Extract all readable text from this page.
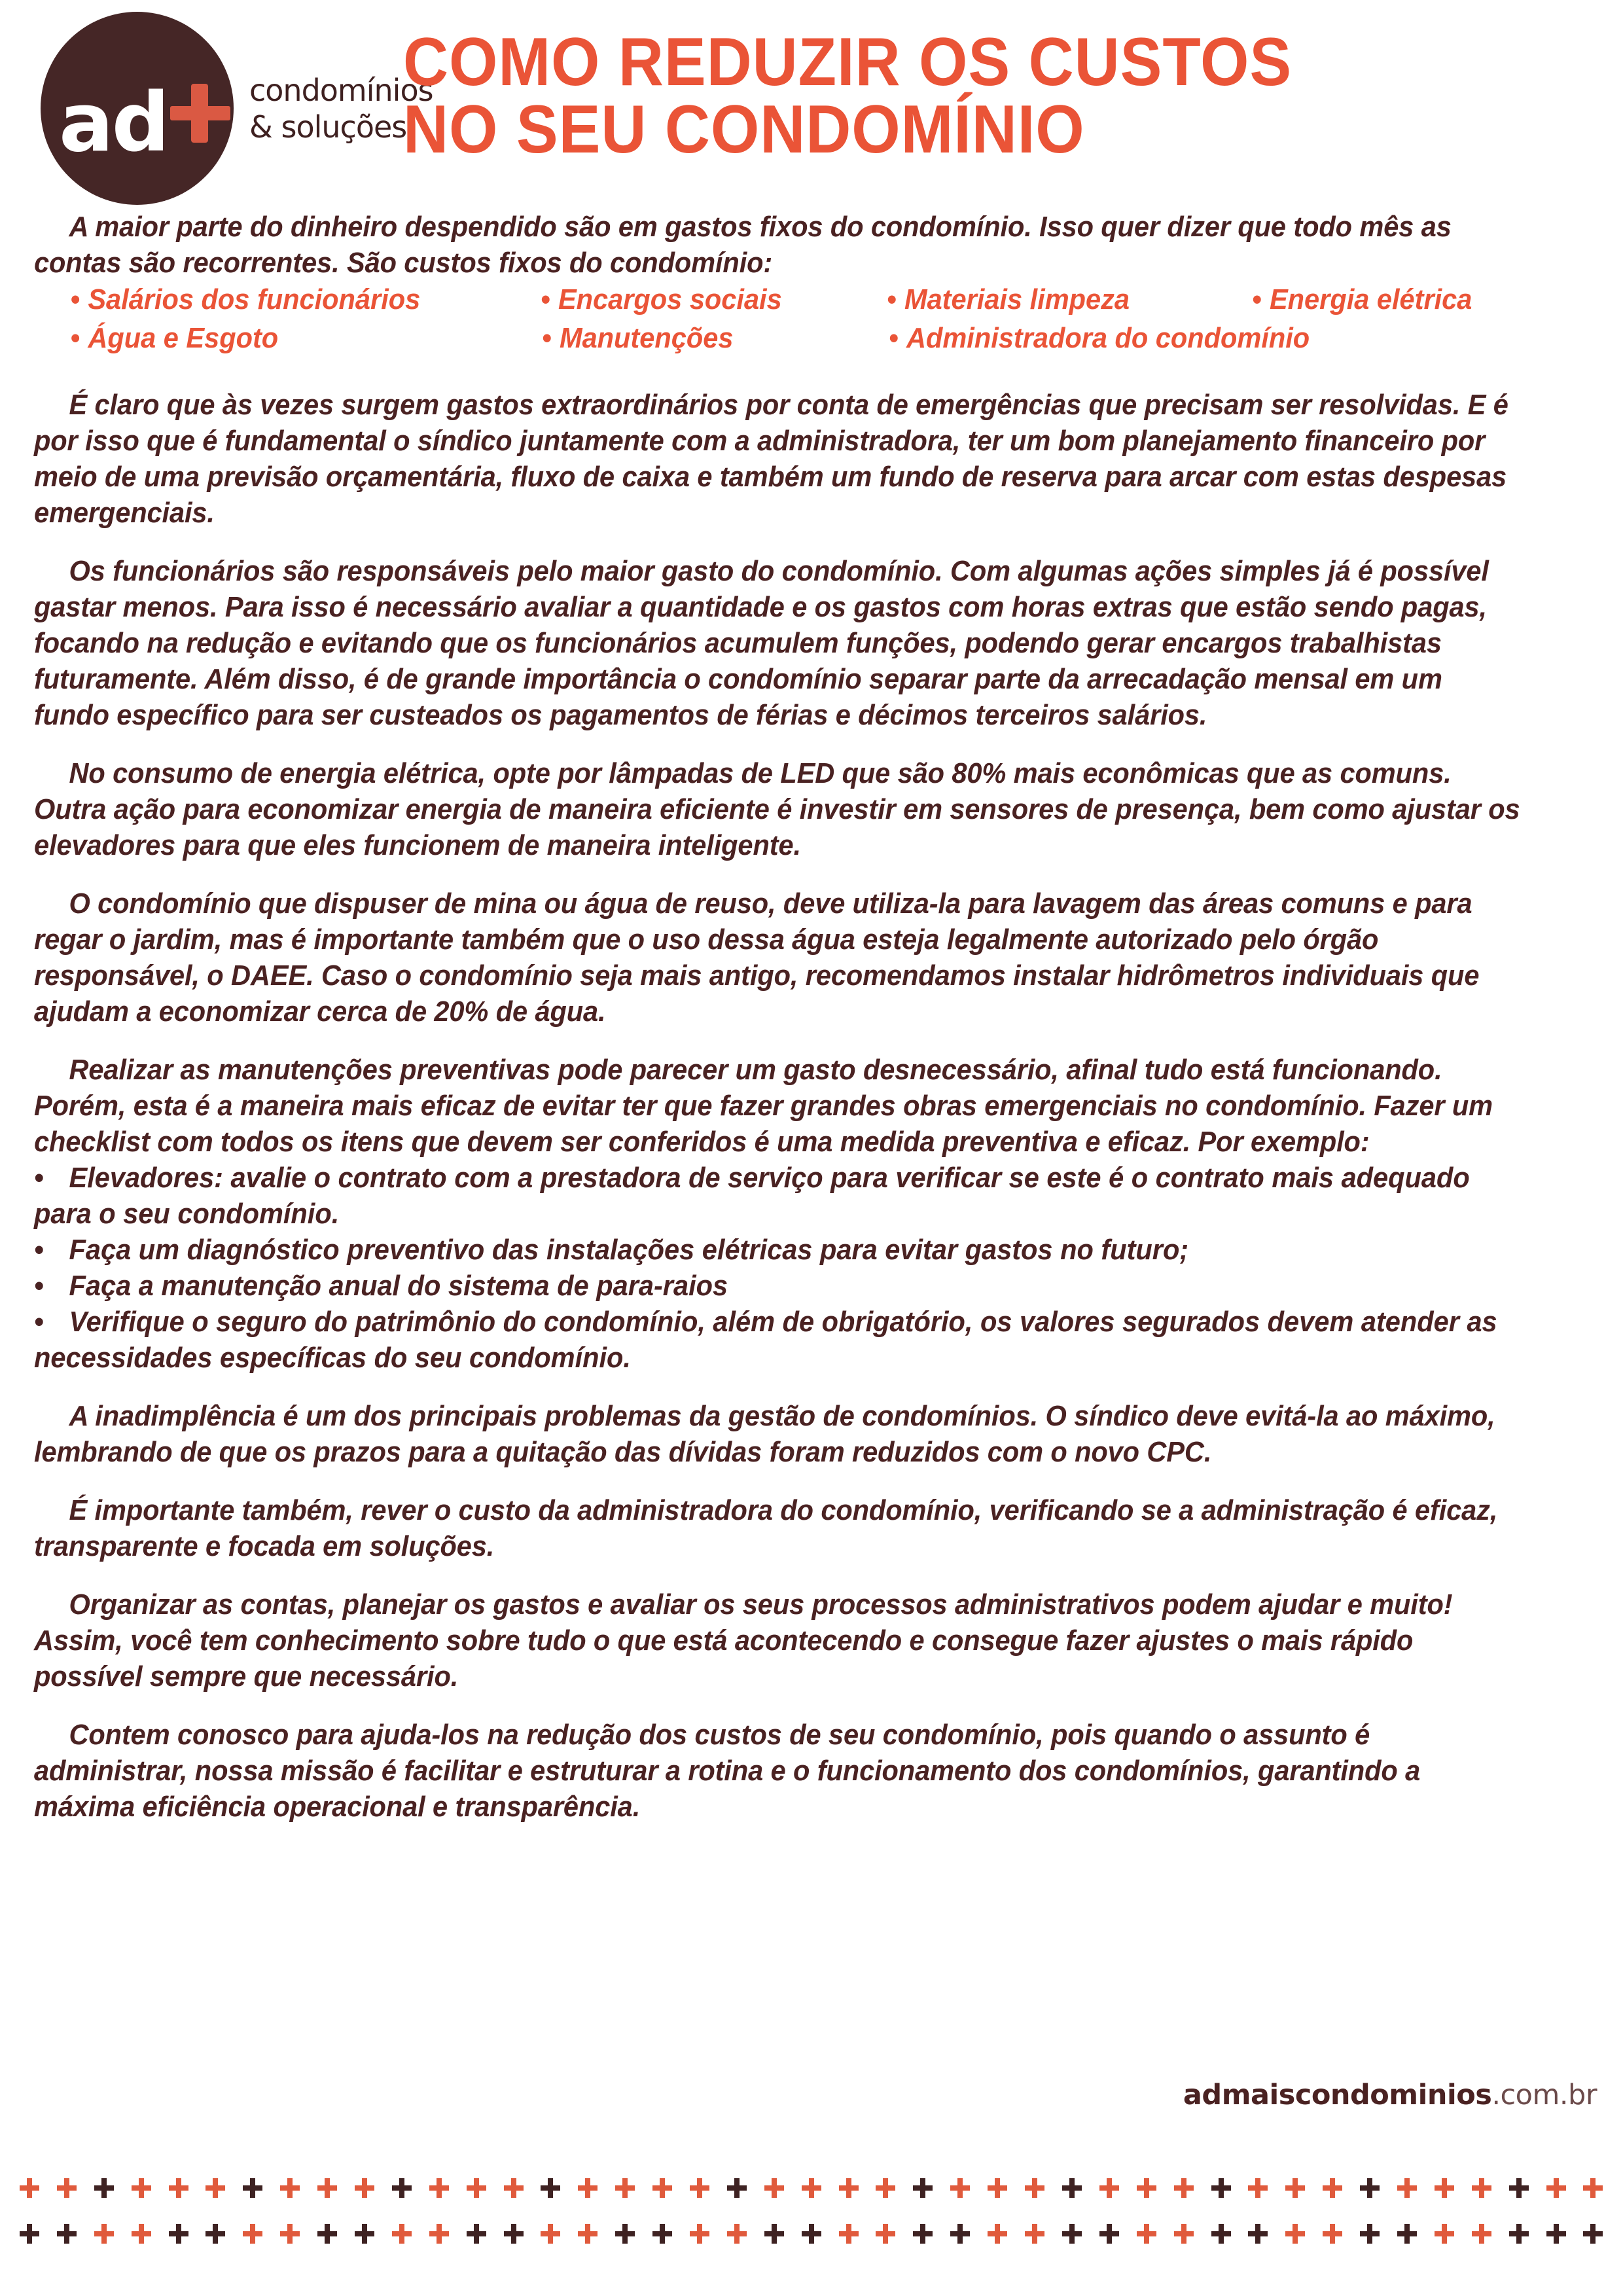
ad	condomínios
& soluções
COMO REDUZIR OS CUSTOS
NO SEU CONDOMÍNIO

A maior parte do dinheiro despendido são em gastos fixos do condomínio. Isso quer dizer que todo mês as contas são recorrentes. São custos fixos do condomínio:

• Salários dos funcionários	• Encargos sociais	• Materiais limpeza	• Energia elétrica
• Água e Esgoto	• Manutenções	• Administradora do condomínio

É claro que às vezes surgem gastos extraordinários por conta de emergências que precisam ser resolvidas. E é por isso que é fundamental o síndico juntamente com a administradora, ter um bom planejamento financeiro por meio de uma previsão orçamentária, fluxo de caixa e também um fundo de reserva para arcar com estas despesas emergenciais.

Os funcionários são responsáveis pelo maior gasto do condomínio. Com algumas ações simples já é possível gastar menos. Para isso é necessário avaliar a quantidade e os gastos com horas extras que estão sendo pagas, focando na redução e evitando que os funcionários acumulem funções, podendo gerar encargos trabalhistas futuramente. Além disso, é de grande importância o condomínio separar parte da arrecadação mensal em um fundo específico para ser custeados os pagamentos de férias e décimos terceiros salários.

No consumo de energia elétrica, opte por lâmpadas de LED que são 80% mais econômicas que as comuns. Outra ação para economizar energia de maneira eficiente é investir em sensores de presença, bem como ajustar os elevadores para que eles funcionem de maneira inteligente.

O condomínio que dispuser de mina ou água de reuso, deve utiliza-la para lavagem das áreas comuns e para regar o jardim, mas é importante também que o uso dessa água esteja legalmente autorizado pelo órgão responsável, o DAEE. Caso o condomínio seja mais antigo, recomendamos instalar hidrômetros individuais que ajudam a economizar cerca de 20% de água.

Realizar as manutenções preventivas pode parecer um gasto desnecessário, afinal tudo está funcionando. Porém, esta é a maneira mais eficaz de evitar ter que fazer grandes obras emergenciais no condomínio. Fazer um checklist com todos os itens que devem ser conferidos é uma medida preventiva e eficaz. Por exemplo:

• Elevadores: avalie o contrato com a prestadora de serviço para verificar se este é o contrato mais adequado para o seu condomínio.

• Faça um diagnóstico preventivo das instalações elétricas para evitar gastos no futuro;

• Faça a manutenção anual do sistema de para-raios

• Verifique o seguro do patrimônio do condomínio, além de obrigatório, os valores segurados devem atender as necessidades específicas do seu condomínio.

A inadimplência é um dos principais problemas da gestão de condomínios. O síndico deve evitá-la ao máximo, lembrando de que os prazos para a quitação das dívidas foram reduzidos com o novo CPC.

É importante também, rever o custo da administradora do condomínio, verificando se a administração é eficaz, transparente e focada em soluções.

Organizar as contas, planejar os gastos e avaliar os seus processos administrativos podem ajudar e muito! Assim, você tem conhecimento sobre tudo o que está acontecendo e consegue fazer ajustes o mais rápido possível sempre que necessário.

Contem conosco para ajuda-los na redução dos custos de seu condomínio, pois quando o assunto é administrar, nossa missão é facilitar e estruturar a rotina e o funcionamento dos condomínios, garantindo a máxima eficiência operacional e transparência.

admaiscondominios.com.br
